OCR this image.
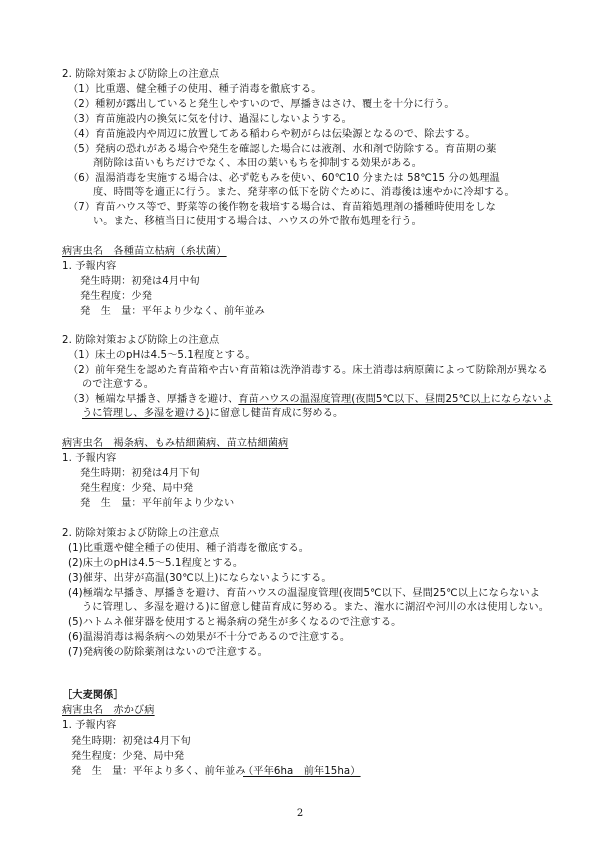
2. 防除対策および防除上の注意点
（1）比重選、健全種子の使用、種子消毒を徹底する。
（2）種籾が露出していると発生しやすいので、厚播きはさけ、覆土を十分に行う。
（3）育苗施設内の換気に気を付け、過湿にしないようする。
（4）育苗施設内や周辺に放置してある稲わらや籾がらは伝染源となるので、除去する。
（5）発病の恐れがある場合や発生を確認した場合には液剤、水和剤で防除する。育苗期の薬
剤防除は苗いもちだけでなく、本田の葉いもちを抑制する効果がある。
（6）温湯消毒を実施する場合は、必ず乾もみを使い、60℃10 分または 58℃15 分の処理温
度、時間等を適正に行う。また、発芽率の低下を防ぐために、消毒後は速やかに冷却する。
（7）育苗ハウス等で、野菜等の後作物を栽培する場合は、育苗箱処理剤の播種時使用をしな
い。また、移植当日に使用する場合は、ハウスの外で散布処理を行う。
病害虫名　各種苗立枯病（糸状菌）
1. 予報内容
発生時期：初発は4月中旬
発生程度：少発
発　生　量：平年より少なく、前年並み
2. 防除対策および防除上の注意点
（1）床土のpHは4.5～5.1程度とする。
（2）前年発生を認めた育苗箱や古い育苗箱は洗浄消毒する。床土消毒は病原菌によって防除剤が異なる
ので注意する。
（3）極端な早播き、厚播きを避け、育苗ハウスの温湿度管理(夜間5℃以下、昼間25℃以上にならないよ
うに管理し、多湿を避ける)に留意し健苗育成に努める。
病害虫名　褐条病、もみ枯細菌病、苗立枯細菌病
1. 予報内容
発生時期：初発は4月下旬
発生程度：少発、局中発
発　生　量：平年前年より少ない
2. 防除対策および防除上の注意点
(1)比重選や健全種子の使用、種子消毒を徹底する。
(2)床土のpHは4.5～5.1程度とする。
(3)催芽、出芽が高温(30℃以上)にならないようにする。
(4)極端な早播き、厚播きを避け、育苗ハウスの温湿度管理(夜間5℃以下、昼間25℃以上にならないよ
うに管理し、多湿を避ける)に留意し健苗育成に努める。また、潅水に湖沼や河川の水は使用しない。
(5)ハトムネ催芽器を使用すると褐条病の発生が多くなるので注意する。
(6)温湯消毒は褐条病への効果が不十分であるので注意する。
(7)発病後の防除薬剤はないので注意する。
［大麦関係］
病害虫名　赤かび病
1. 予報内容
発生時期：初発は4月下旬
発生程度：少発、局中発
発　生　量：平年より多く、前年並み
（平年6ha　前年15ha）
2
